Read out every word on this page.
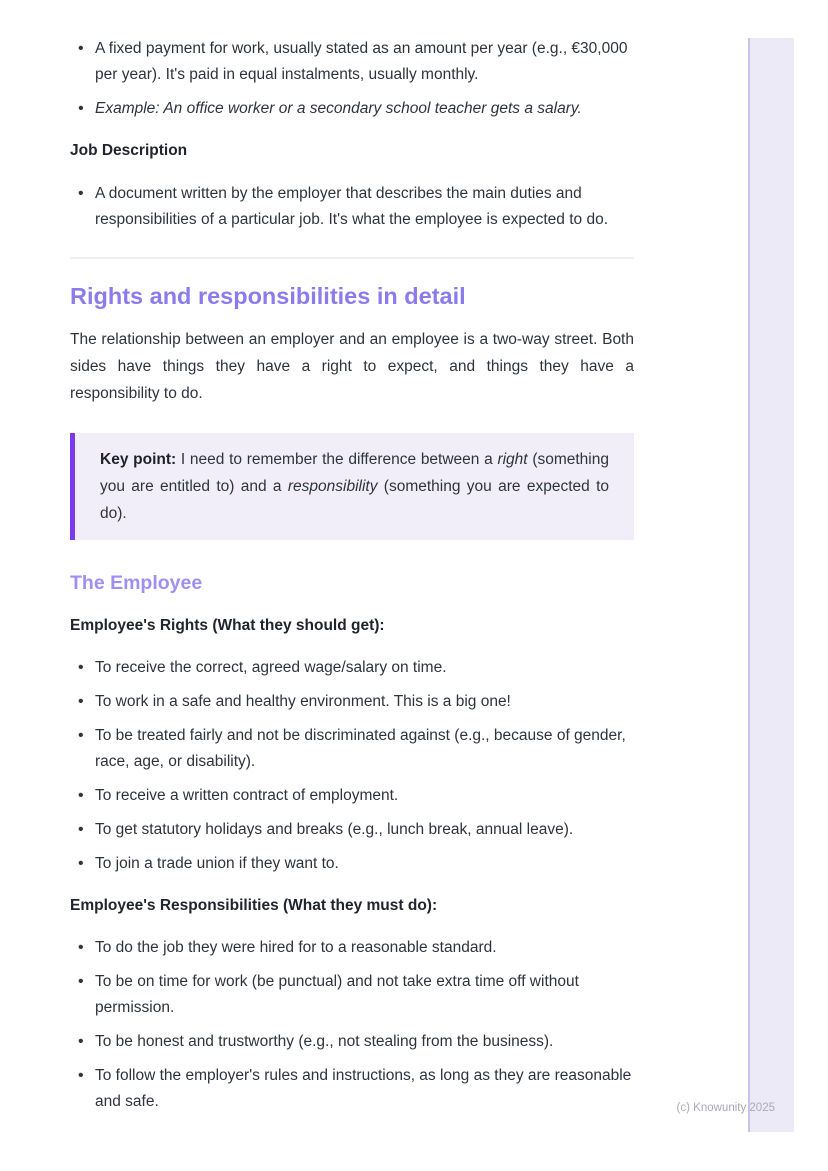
• A fixed payment for work, usually stated as an amount per year (e.g., €30,000 per year). It's paid in equal instalments, usually monthly.
• Example: An office worker or a secondary school teacher gets a salary.
Job Description
• A document written by the employer that describes the main duties and responsibilities of a particular job. It's what the employee is expected to do.
Rights and responsibilities in detail

The relationship between an employer and an employee is a two-way street. Both sides have things they have a right to expect, and things they have a responsibility to do.

Key point: I need to remember the difference between a right (something you are entitled to) and a responsibility (something you are expected to do).

The Employee
Employee's Rights (What they should get):
• To receive the correct, agreed wage/salary on time.
• To work in a safe and healthy environment. This is a big one!
• To be treated fairly and not be discriminated against (e.g., because of gender, race, age, or disability).
• To receive a written contract of employment.
• To get statutory holidays and breaks (e.g., lunch break, annual leave).
• To join a trade union if they want to.
Employee's Responsibilities (What they must do):
• To do the job they were hired for to a reasonable standard.
• To be on time for work (be punctual) and not take extra time off without permission.
• To be honest and trustworthy (e.g., not stealing from the business).
• To follow the employer's rules and instructions, as long as they are reasonable and safe.	(c) Knowunity 2025
